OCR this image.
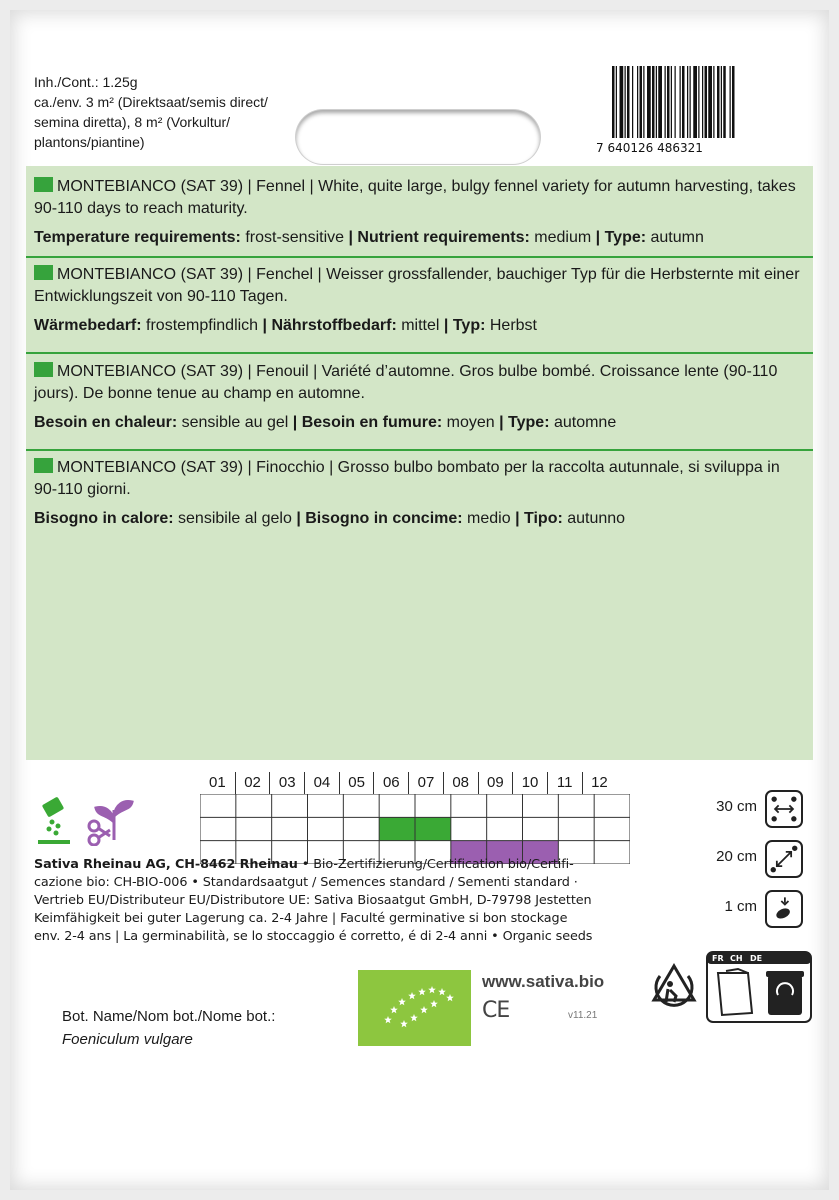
Inh./Cont.: 1.25g
ca./env. 3 m² (Direktsaat/semis direct/
semina diretta), 8 m² (Vorkultur/
plantons/piantine)	7 640126 486321
MONTEBIANCO (SAT 39) | Fennel | White, quite large, bulgy fennel variety for autumn harvesting, takes 90-110 days to reach maturity.
Temperature requirements: frost-sensitive | Nutrient requirements: medium | Type: autumn
MONTEBIANCO (SAT 39) | Fenchel | Weisser grossfallender, bauchiger Typ für die Herbsternte mit einer Entwicklungszeit von 90-110 Tagen.
Wärmebedarf: frostempfindlich | Nährstoffbedarf: mittel | Typ: Herbst
MONTEBIANCO (SAT 39) | Fenouil | Variété d’automne. Gros bulbe bombé. Croissance lente (90-110 jours). De bonne tenue au champ en automne.
Besoin en chaleur: sensible au gel | Besoin en fumure: moyen | Type: automne
MONTEBIANCO (SAT 39) | Finocchio | Grosso bulbo bombato per la raccolta autunnale, si sviluppa in 90-110 giorni.
Bisogno in calore: sensibile al gelo | Bisogno in concime: medio | Tipo: autunno
01	02	03	04	05	06	07	08	09	10	11	12
30 cm
20 cm
1 cm
Sativa Rheinau AG, CH-8462 Rheinau • Bio-Zertifizierung/Certification bio/Certifi-
cazione bio: CH-BIO-006 • Standardsaatgut / Semences standard / Sementi standard ·
Vertrieb EU/Distributeur EU/Distributore UE: Sativa Biosaatgut GmbH, D-79798 Jestetten
Keimfähigkeit bei guter Lagerung ca. 2-4 Jahre | Faculté germinative si bon stockage
env. 2-4 ans | La germinabilità, se lo stoccaggio é corretto, é di 2-4 anni • Organic seeds
Bot. Name/Nom bot./Nome bot.:
Foeniculum vulgare
www.sativa.bio
CE	v11.21
FR CH DE
